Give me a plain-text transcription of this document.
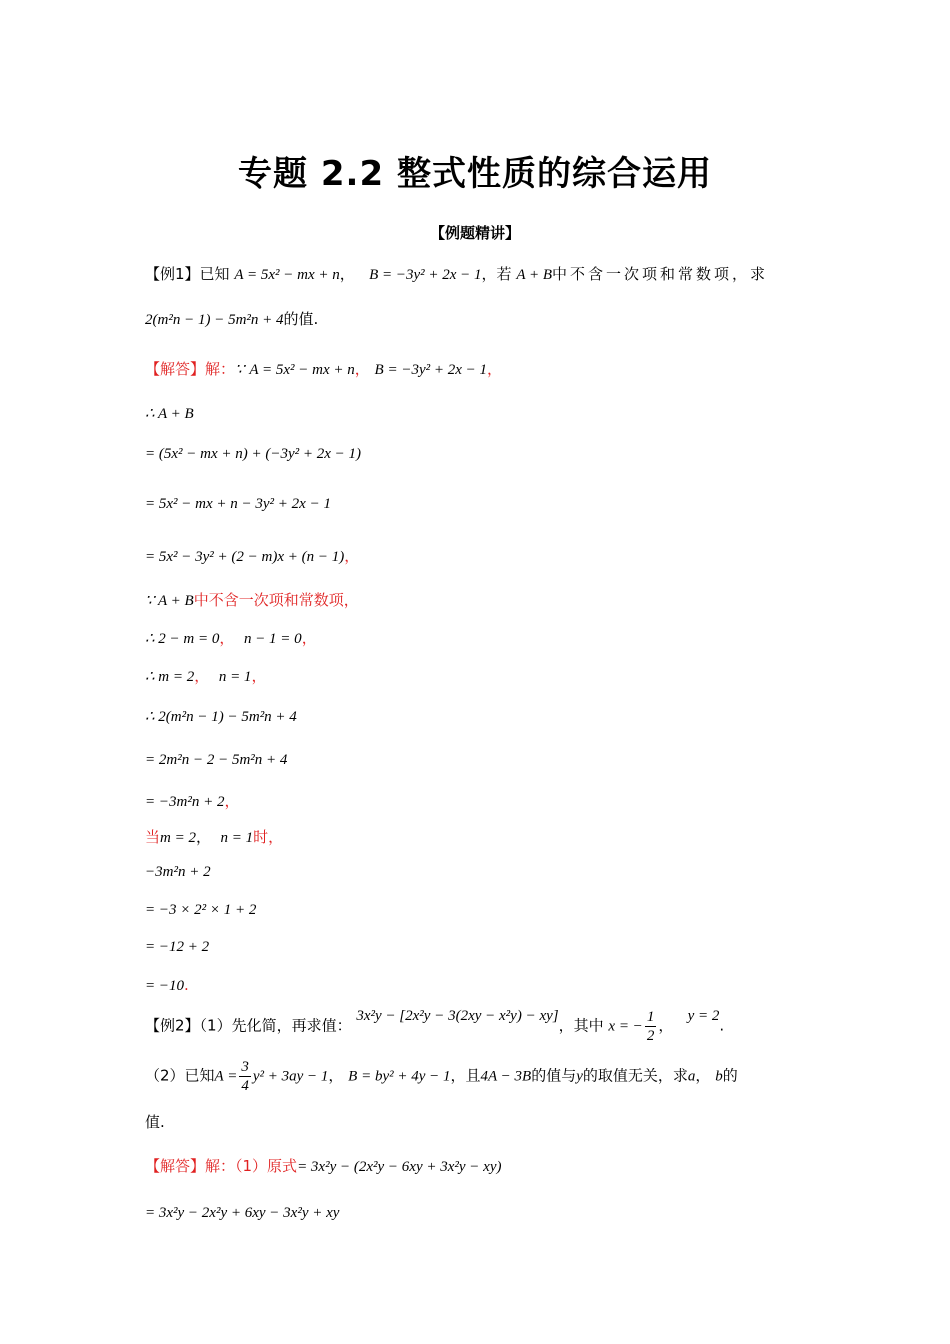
专题 2.2 整式性质的综合运用
【例题精讲】
【例1】已知 A = 5x² − mx + n， B = −3y² + 2x − 1，若 A + B中不含一次项和常数项，求
2(m²n − 1) − 5m²n + 4的值.
【解答】解：∵ A = 5x² − mx + n， B = −3y² + 2x − 1，
∴ A + B
= (5x² − mx + n) + (−3y² + 2x − 1)
= 5x² − mx + n − 3y² + 2x − 1
= 5x² − 3y² + (2 − m)x + (n − 1)，
∵ A + B中不含一次项和常数项，
∴ 2 − m = 0， n − 1 = 0，
∴ m = 2， n = 1，
∴ 2(m²n − 1) − 5m²n + 4
= 2m²n − 2 − 5m²n + 4
= −3m²n + 2，
当m = 2， n = 1时，
−3m²n + 2
= −3 × 2² × 1 + 2
= −12 + 2
= −10.
【例2】（1）先化简，再求值： 3x²y − [2x²y − 3(2xy − x²y) − xy]，其中 x = − $\frac{1}{2}$ ，   y = 2.
（2）已知$A = \frac{3}{4} y^2 + 3ay - 1$， B = by² + 4y − 1，且4A − 3B的值与y的取值无关，求a， b的
值.
【解答】解：（1）原式= 3x²y − (2x²y − 6xy + 3x²y − xy)
= 3x²y − 2x²y + 6xy − 3x²y + xy
